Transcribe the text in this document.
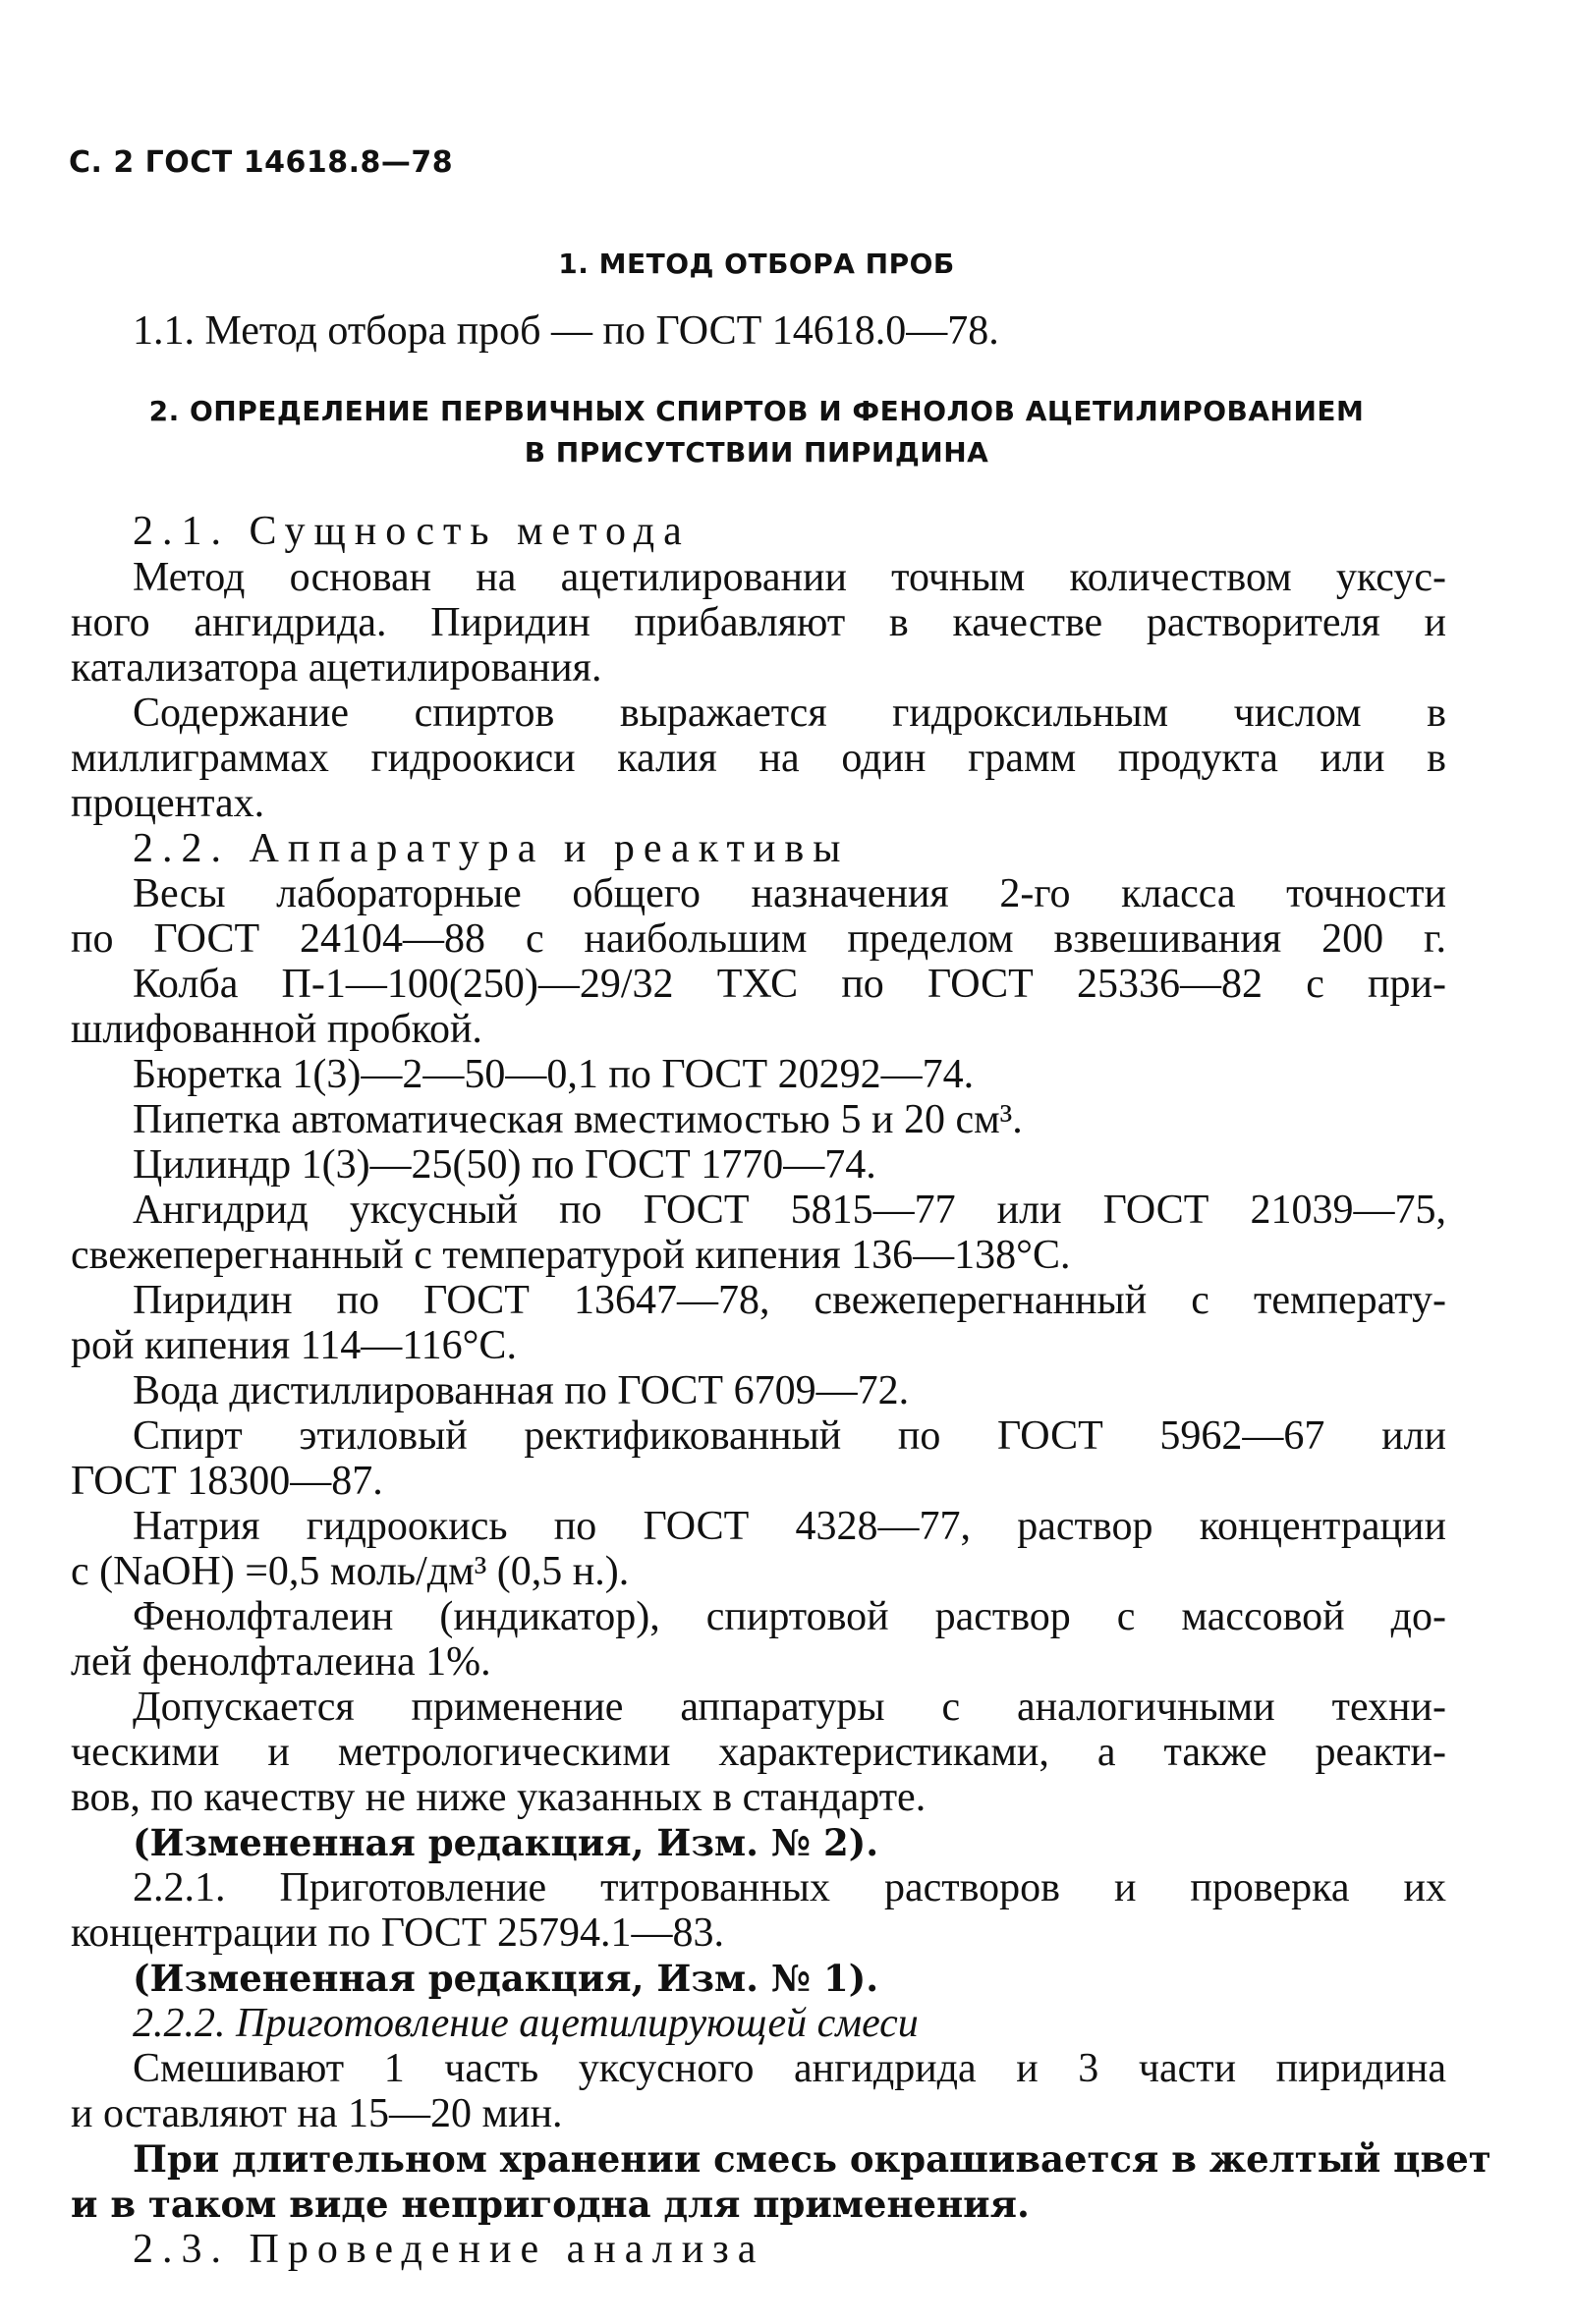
С. 2 ГОСТ 14618.8—78
1. МЕТОД ОТБОРА ПРОБ
1.1. Метод отбора проб — по ГОСТ 14618.0—78.
2. ОПРЕДЕЛЕНИЕ ПЕРВИЧНЫХ СПИРТОВ И ФЕНОЛОВ АЦЕТИЛИРОВАНИЕМ
В ПРИСУТСТВИИ ПИРИДИНА
2.1. Сущность метода
Метод основан на ацетилировании точным количеством уксус-
ного ангидрида. Пиридин прибавляют в качестве растворителя и
катализатора ацетилирования.
Содержание спиртов выражается гидроксильным числом в
миллиграммах гидроокиси калия на один грамм продукта или в
процентах.
2.2. Аппаратура и реактивы
Весы лабораторные общего назначения 2-го класса точности
по ГОСТ 24104—88 с наибольшим пределом взвешивания 200 г.
Колба П-1—100(250)—29/32 ТХС по ГОСТ 25336—82 с при-
шлифованной пробкой.
Бюретка 1(3)—2—50—0,1 по ГОСТ 20292—74.
Пипетка автоматическая вместимостью 5 и 20 см³.
Цилиндр 1(3)—25(50) по ГОСТ 1770—74.
Ангидрид уксусный по ГОСТ 5815—77 или ГОСТ 21039—75,
свежеперегнанный с температурой кипения 136—138°С.
Пиридин по ГОСТ 13647—78, свежеперегнанный с температу-
рой кипения 114—116°С.
Вода дистиллированная по ГОСТ 6709—72.
Спирт этиловый ректификованный по ГОСТ 5962—67 или
ГОСТ 18300—87.
Натрия гидроокись по ГОСТ 4328—77, раствор концентрации
c (NaOH) =0,5 моль/дм³ (0,5 н.).
Фенолфталеин (индикатор), спиртовой раствор с массовой до-
лей фенолфталеина 1%.
Допускается применение аппаратуры с аналогичными техни-
ческими и метрологическими характеристиками, а также реакти-
вов, по качеству не ниже указанных в стандарте.
(Измененная редакция, Изм. № 2).
2.2.1. Приготовление титрованных растворов и проверка их
концентрации по ГОСТ 25794.1—83.
(Измененная редакция, Изм. № 1).
2.2.2. Приготовление ацетилирующей смеси
Смешивают 1 часть уксусного ангидрида и 3 части пиридина
и оставляют на 15—20 мин.
При длительном хранении смесь окрашивается в желтый цвет
и в таком виде непригодна для применения.
2.3. Проведение анализа
